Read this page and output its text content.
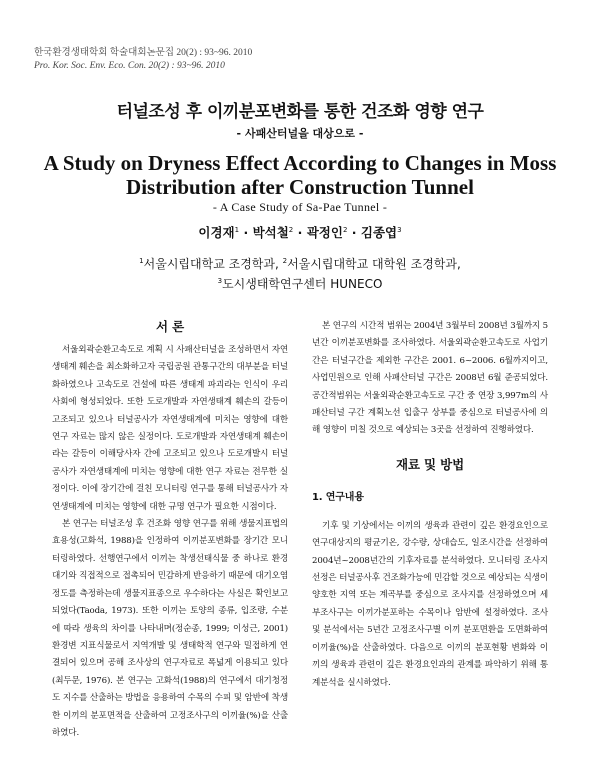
한국환경생태학회 학술대회논문집 20(2) : 93~96. 2010
Pro. Kor. Soc. Env. Eco. Con. 20(2) : 93~96. 2010
터널조성 후 이끼분포변화를 통한 건조화 영향 연구
- 사패산터널을 대상으로 -
A Study on Dryness Effect According to Changes in Moss
Distribution after Construction Tunnel
- A Case Study of Sa-Pae Tunnel -
이경재$^1$ · 박석철$^2$ · 곽정인$^2$ · 김종엽$^3$
$^1$서울시립대학교 조경학과, $^2$서울시립대학교 대학원 조경학과,
$^3$도시생태학연구센터 HUNECO
서 론

서울외곽순환고속도로 계획 시 사패산터널을 조성하면서 자연생태계 훼손을 최소화하고자 국립공원 관통구간의 대부분을 터널화하였으나 고속도로 건설에 따른 생태계 파괴라는 인식이 우리사회에 형성되었다. 또한 도로개발과 자연생태계 훼손의 갈등이 고조되고 있으나 터널공사가 자연생태계에 미치는 영향에 대한 연구 자료는 많지 않은 실정이다. 도로개발과 자연생태계 훼손이라는 갈등이 이해당사자 간에 고조되고 있으나 도로개발시 터널공사가 자연생태계에 미치는 영향에 대한 연구 자료는 전무한 실정이다. 이에 장기간에 걸친 모니터링 연구를 통해 터널공사가 자연생태계에 미치는 영향에 대한 규명 연구가 필요한 시점이다.

본 연구는 터널조성 후 건조화 영향 연구를 위해 생물지표법의 효용성(고화석, 1988)을 인정하여 이끼분포변화를 장기간 모니터링하였다. 선행연구에서 이끼는 착생선태식물 중 하나로 환경대기와 직접적으로 접촉되어 민감하게 반응하기 때문에 대기오염정도를 측정하는데 생물지표종으로 우수하다는 사실은 확인보고 되었다(Taoda, 1973). 또한 이끼는 토양의 종류, 입조량, 수분에 따라 생육의 차이를 나타내며(정순종, 1999; 이성근, 2001) 환경변 지표식물로서 지역개발 및 생태학적 연구와 밀접하게 연결되어 있으며 공해 조사상의 연구자료로 폭넓게 이용되고 있다(최두문, 1976). 본 연구는 고화석(1988)의 연구에서 대기청정도 지수를 산출하는 방법을 응용하여 수목의 수피 및 암반에 착생한 이끼의 분포면적을 산출하여 고정조사구의 이끼율(%)을 산출하였다.

본 연구의 시간적 범위는 2004년 3월부터 2008년 3월까지 5년간 이끼분포변화를 조사하였다. 서울외곽순환고속도로 사업기간은 터널구간을 제외한 구간은 2001. 6~2006. 6월까지이고, 사업민원으로 인해 사패산터널 구간은 2008년 6월 준공되었다. 공간적범위는 서울외곽순환고속도로 구간 중 연장 3,997m의 사패산터널 구간 계획노선 입출구 상부를 중심으로 터널공사에 의해 영향이 미칠 것으로 예상되는 3곳을 선정하여 진행하였다.

재료 및 방법
1. 연구내용

기후 및 기상에서는 이끼의 생육과 관련이 깊은 환경요인으로 연구대상지의 평균기온, 강수량, 상대습도, 일조시간을 선정하여 2004년~2008년간의 기후자료를 분석하였다. 모니터링 조사지 선정은 터널공사후 건조화가능에 민감할 것으로 예상되는 식생이 양호한 지역 또는 계곡부를 중심으로 조사지를 선정하였으며 세부조사구는 이끼가분포하는 수목이나 암반에 설정하였다. 조사 및 분석에서는 5년간 고정조사구별 이끼 분포면환을 도면화하여 이끼율(%)을 산출하였다. 다음으로 이끼의 분포현황 변화와 이끼의 생육과 관련이 깊은 환경요인과의 관계를 파악하기 위해 통계분석을 실시하였다.
